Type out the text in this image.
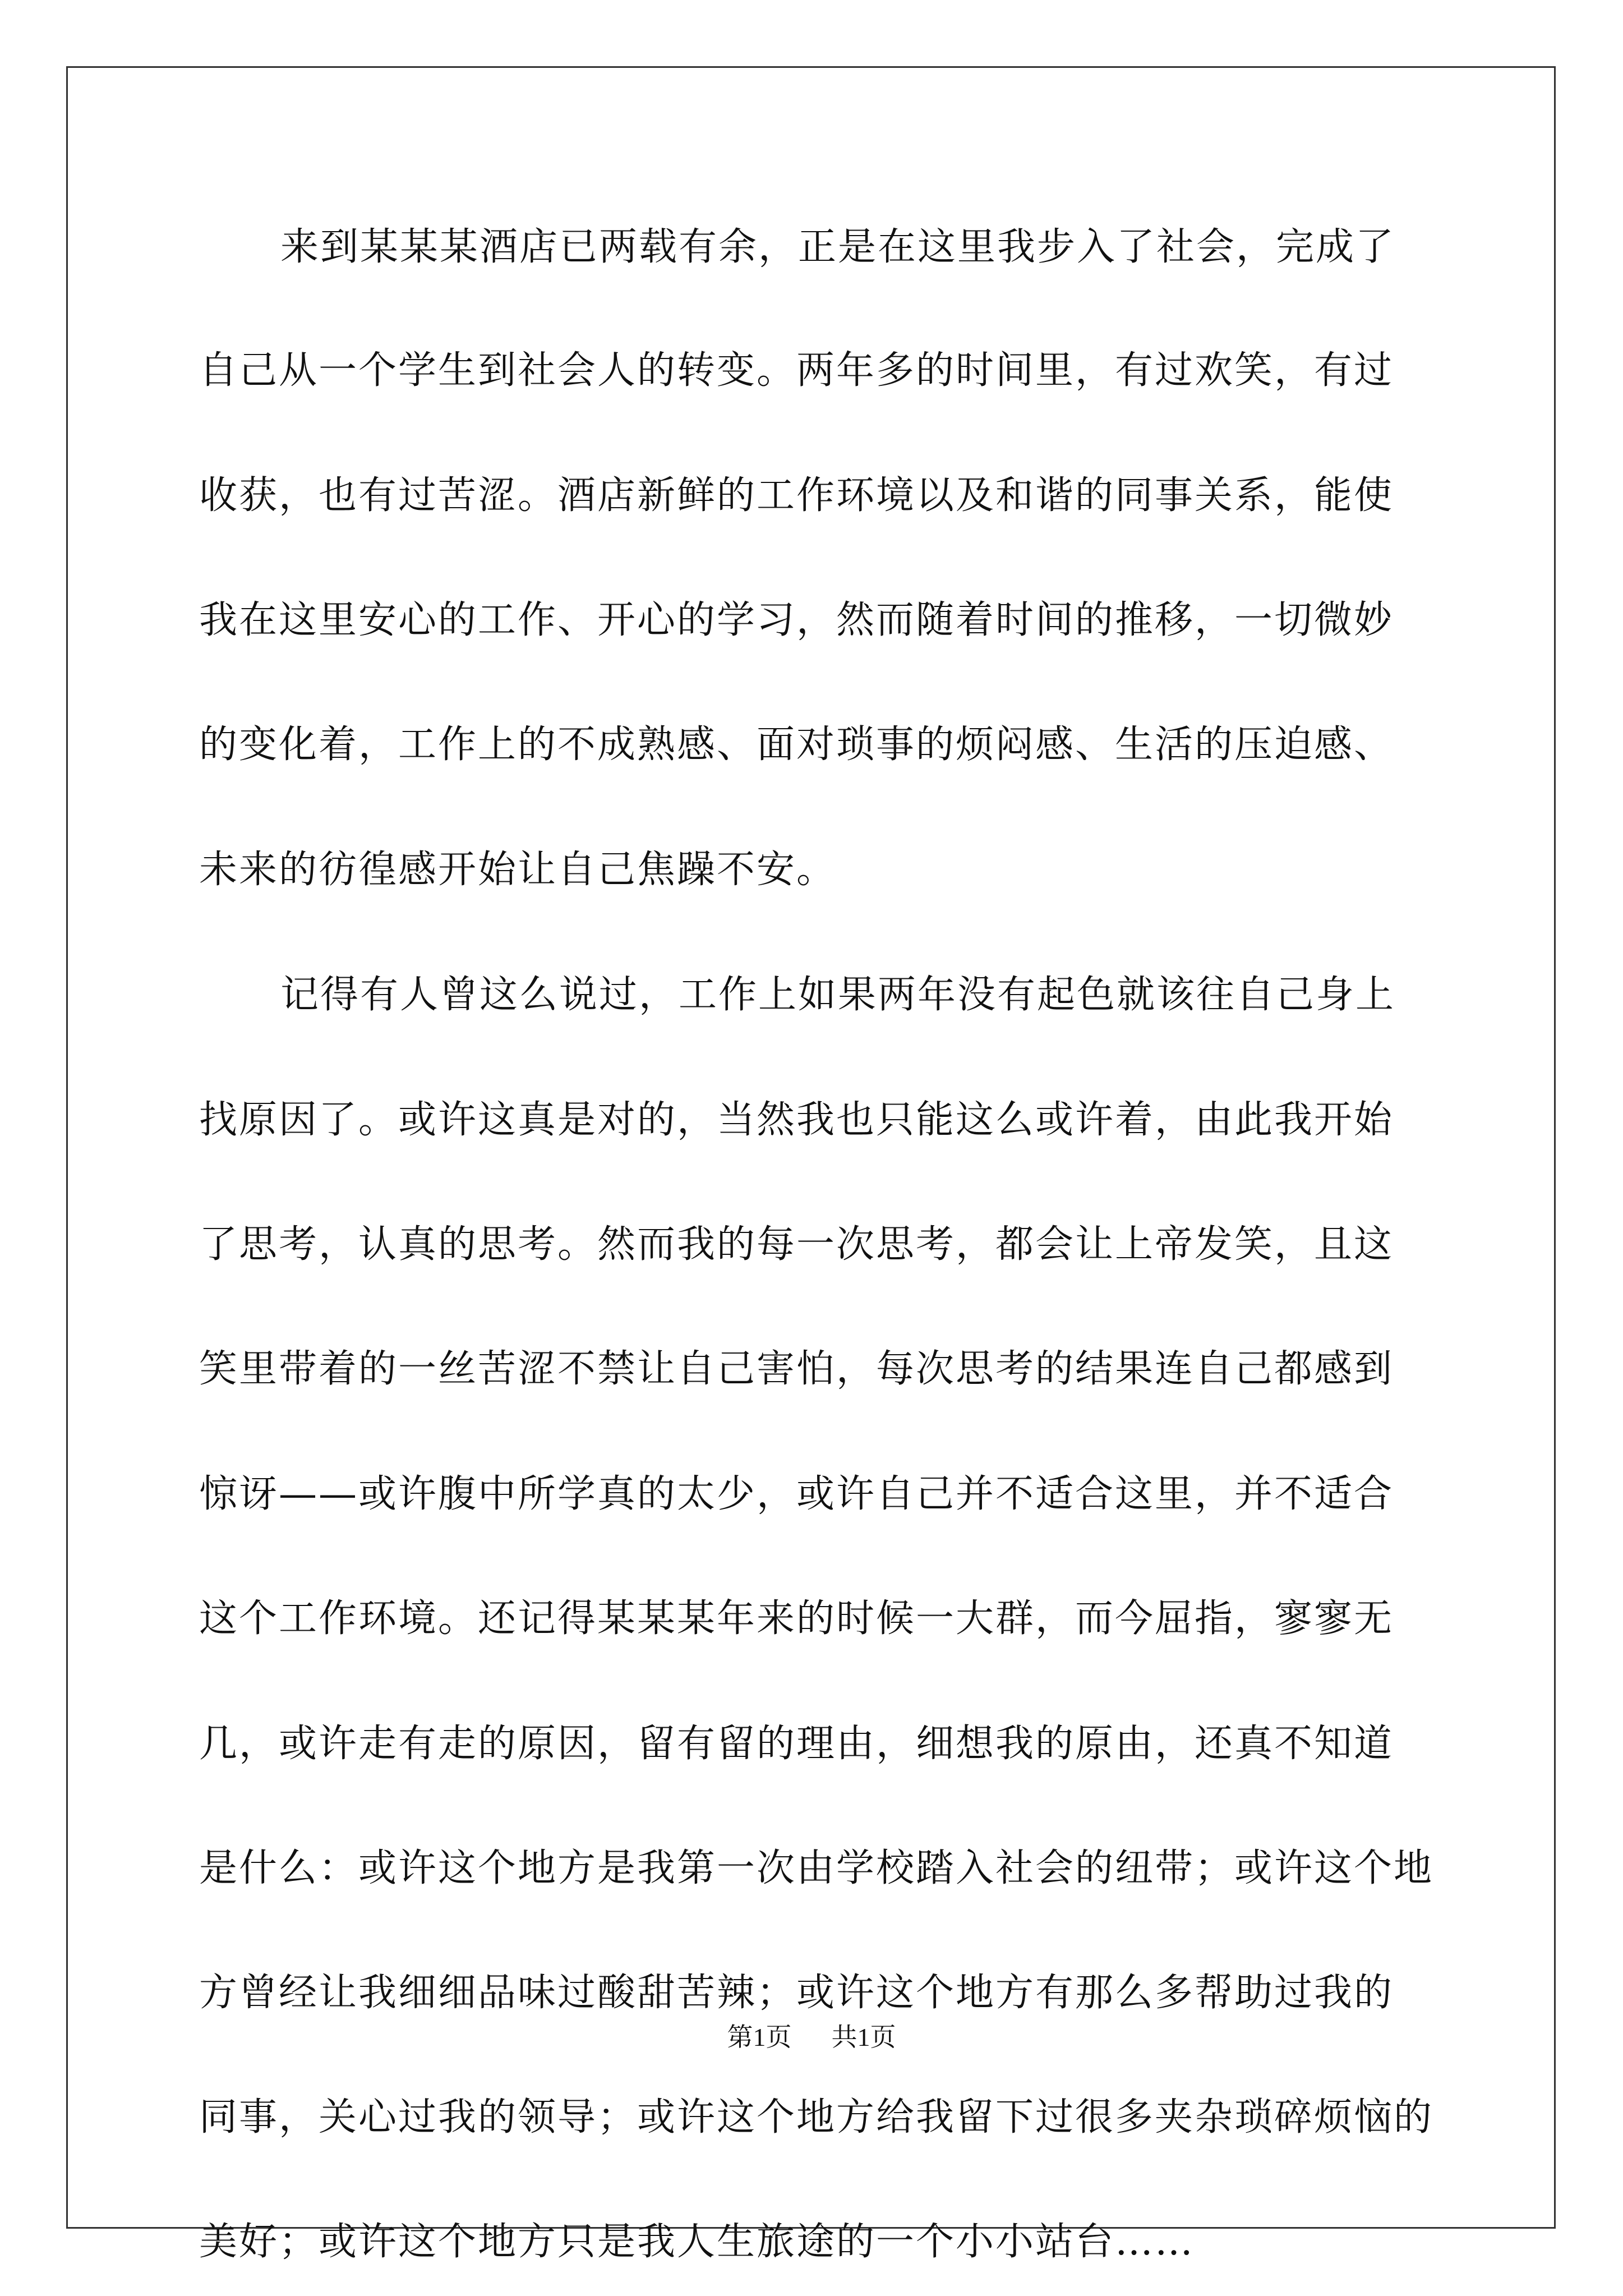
来到某某某酒店已两载有余，正是在这里我步入了社会，完成了
自己从一个学生到社会人的转变。两年多的时间里，有过欢笑，有过
收获，也有过苦涩。酒店新鲜的工作环境以及和谐的同事关系，能使
我在这里安心的工作、开心的学习，然而随着时间的推移，一切微妙
的变化着，工作上的不成熟感、面对琐事的烦闷感、生活的压迫感、
未来的彷徨感开始让自己焦躁不安。
记得有人曾这么说过，工作上如果两年没有起色就该往自己身上
找原因了。或许这真是对的，当然我也只能这么或许着，由此我开始
了思考，认真的思考。然而我的每一次思考，都会让上帝发笑，且这
笑里带着的一丝苦涩不禁让自己害怕，每次思考的结果连自己都感到
惊讶——或许腹中所学真的太少，或许自己并不适合这里，并不适合
这个工作环境。还记得某某某年来的时候一大群，而今屈指，寥寥无
几，或许走有走的原因，留有留的理由，细想我的原由，还真不知道
是什么：或许这个地方是我第一次由学校踏入社会的纽带；或许这个地
方曾经让我细细品味过酸甜苦辣；或许这个地方有那么多帮助过我的
同事，关心过我的领导；或许这个地方给我留下过很多夹杂琐碎烦恼的
美好；或许这个地方只是我人生旅途的一个小小站台……
第1页 共1页
